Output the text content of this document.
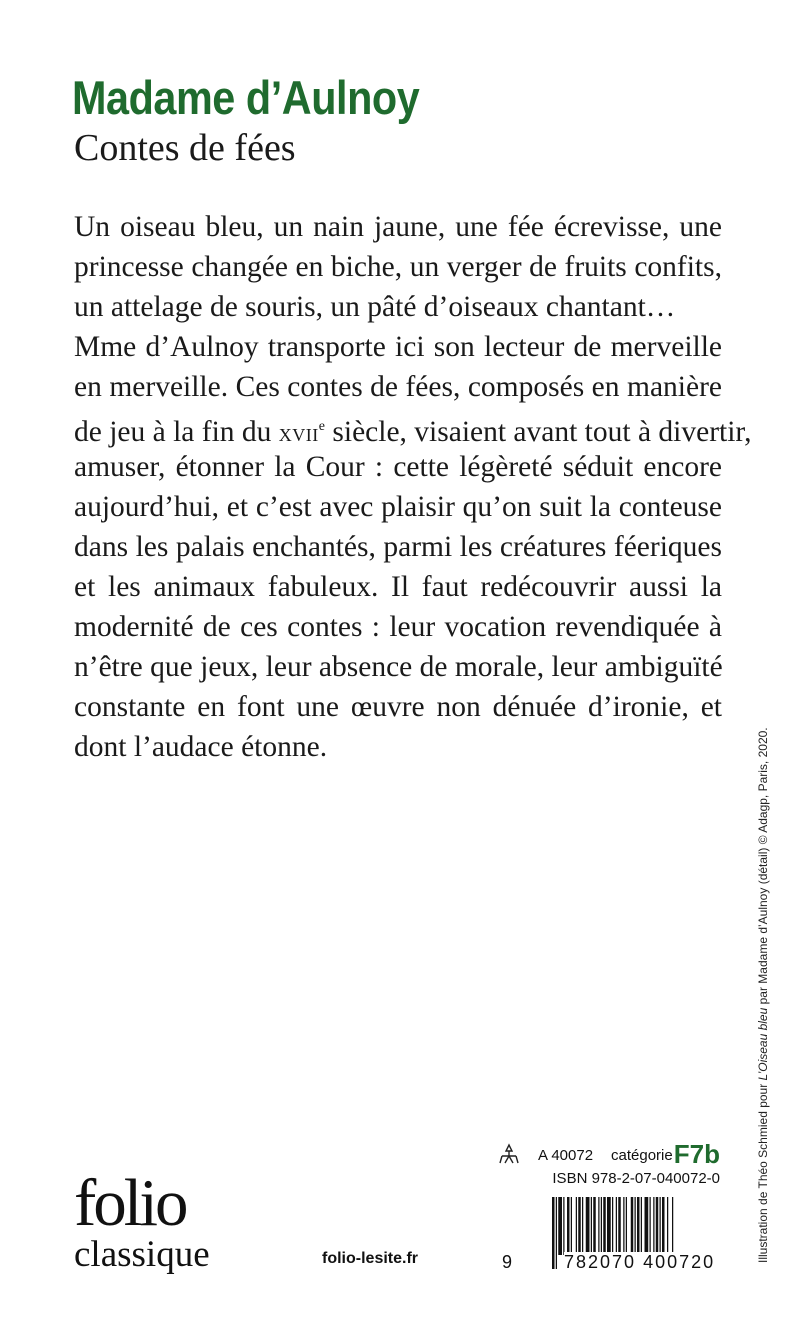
Madame d’Aulnoy
Contes de fées
Un oiseau bleu, un nain jaune, une fée écrevisse, une
princesse changée en biche, un verger de fruits confits,
un attelage de souris, un pâté d’oiseaux chantant…
Mme d’Aulnoy transporte ici son lecteur de merveille
en merveille. Ces contes de fées, composés en manière
de jeu à la fin du XVIIe siècle, visaient avant tout à divertir,
amuser, étonner la Cour : cette légèreté séduit encore
aujourd’hui, et c’est avec plaisir qu’on suit la conteuse
dans les palais enchantés, parmi les créatures féeriques
et les animaux fabuleux. Il faut redécouvrir aussi la
modernité de ces contes : leur vocation revendiquée à
n’être que jeux, leur absence de morale, leur ambiguïté
constante en font une œuvre non dénuée d’ironie, et
dont l’audace étonne.
Illustration de Théo Schmied pour L’Oiseau bleu par Madame d’Aulnoy (détail) © Adagp, Paris, 2020.
folio
classique	folio-lesite.fr
A 40072 catégorie F7b
ISBN 978-2-07-040072-0
9	782070 400720
